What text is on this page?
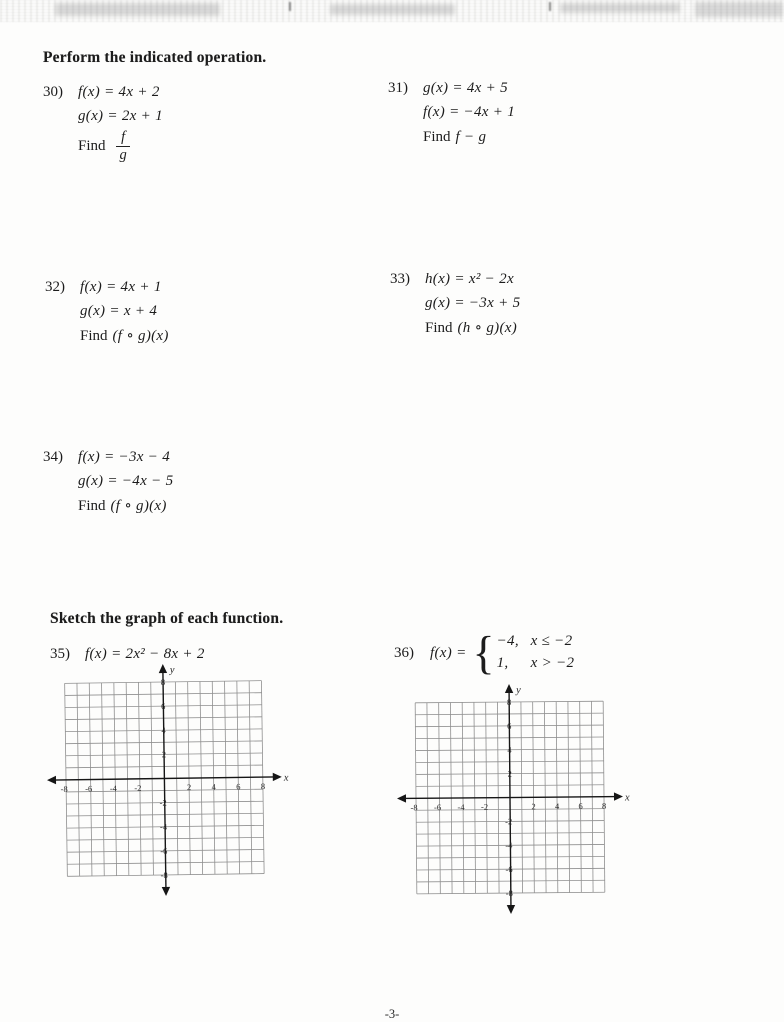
Perform the indicated operation.
30) f(x) = 4x + 2
g(x) = 2x + 1
Find $\frac{f}{g}$
31) g(x) = 4x + 5
f(x) = −4x + 1
Find f − g
32) f(x) = 4x + 1
g(x) = x + 4
Find (f ∘ g)(x)
33) h(x) = x² − 2x
g(x) = −3x + 5
Find (h ∘ g)(x)
34) f(x) = −3x − 4
g(x) = −4x − 5
Find (f ∘ g)(x)
Sketch the graph of each function.
35) f(x) = 2x² − 8x + 2	36)	f(x) = { −4, x ≤ −2
1, x > −2
-8 -6 -4 -2	2 4 6 8
8
6
4
2
-2
-4
-6
-8
x
y
-8 -6 -4 -2	2 4 6 8
8
6
4
2
-2
-4
-6
-8
x
y
-3-
